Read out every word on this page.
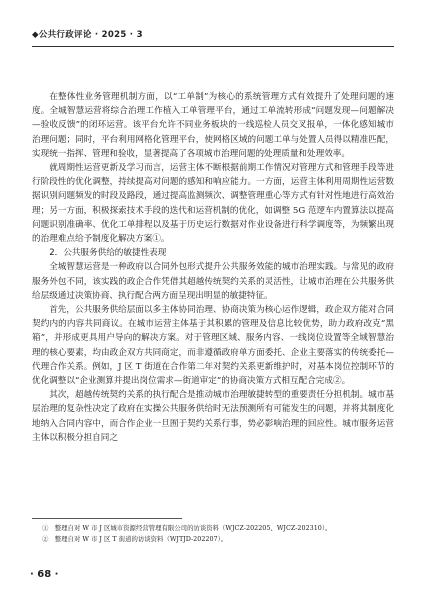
◆公共行政评论 · 2025 · 3

在整体性业务管理机制方面，以“工单制”为核心的系统管理方式有效提升了处理问题的速度。全城智慧运营将综合治理工作植入工单管理平台，通过工单流转形成“问题发现—问题解决—验收反馈”的闭环运营。该平台允许不同业务板块的一线巡检人员交叉报单，一体化感知城市治理问题；同时，平台利用网格化管理平台，使网格区域的问题工单与处置人员得以精准匹配，实现统一指挥、管理和验收，显著提高了各项城市治理问题的处理质量和处理效率。

就周期性运营更新及学习而言，运营主体不断根据前期工作情况对管理方式和管理手段等进行阶段性的优化调整，持续提高对问题的感知和响应能力。一方面，运营主体利用周期性运营数据识别问题频发的时段及路段，通过提高监测频次、调整管理重心等方式有针对性地进行高效治理；另一方面，积极探索技术手段的迭代和运营机制的优化，如调整 5G 范逻车内置算法以提高问题识别准确率、优化工单排程以及基于历史运行数据对作业设备进行科学调度等，为频繁出现的治理难点给予制度化解决方案①。

2．公共服务供给的敏捷性表现

全城智慧运营是一种政府以合同外包形式提升公共服务效能的城市治理实践。与常见的政府服务外包不同，该实践的政企合作凭借其超越传统契约关系的灵活性，让城市治理在公共服务供给层级通过决策协商、执行配合两方面呈现出明显的敏捷特征。

首先，公共服务供给层面以多主体协同治理、协商决策为核心运作逻辑，政企双方能对合同契约内的内容共同商议。在城市运营主体基于其积累的管理及信息比较优势，助力政府改克“黑箱”，并形成更具用户导向的解决方案。对于管理区域、服务内容、一线岗位设置等全域智慧治理的核心要素，均由政企双方共同商定，而非遵循政府单方面委托、企业主要落实的传统委托—代理合作关系。例如，J 区 T 街道在合作第二年对契约关系更新维护时，对基本岗位控制环节的优化调整以“企业测算并提出岗位需求—街道审定”的协商决策方式相互配合完成②。

其次，超越传统契约关系的执行配合是推动城市治理敏捷转型的重要责任分担机制。城市基层治理的复杂性决定了政府在实操公共服务供给时无法预测所有可能发生的问题，并将其制度化地纳入合同内容中，而合作企业一旦囿于契约关系行事，势必影响治理的回应性。城市服务运营主体以积极分担自同之

①　整理自对 W 市 J 区城市资源经营管理有限公司的访谈资料（WJCZ-202205、WJCZ-202310）。

②　整理自对 W 市 J 区 T 街道的访谈资料（WJTJD-202207）。

· 68 ·
